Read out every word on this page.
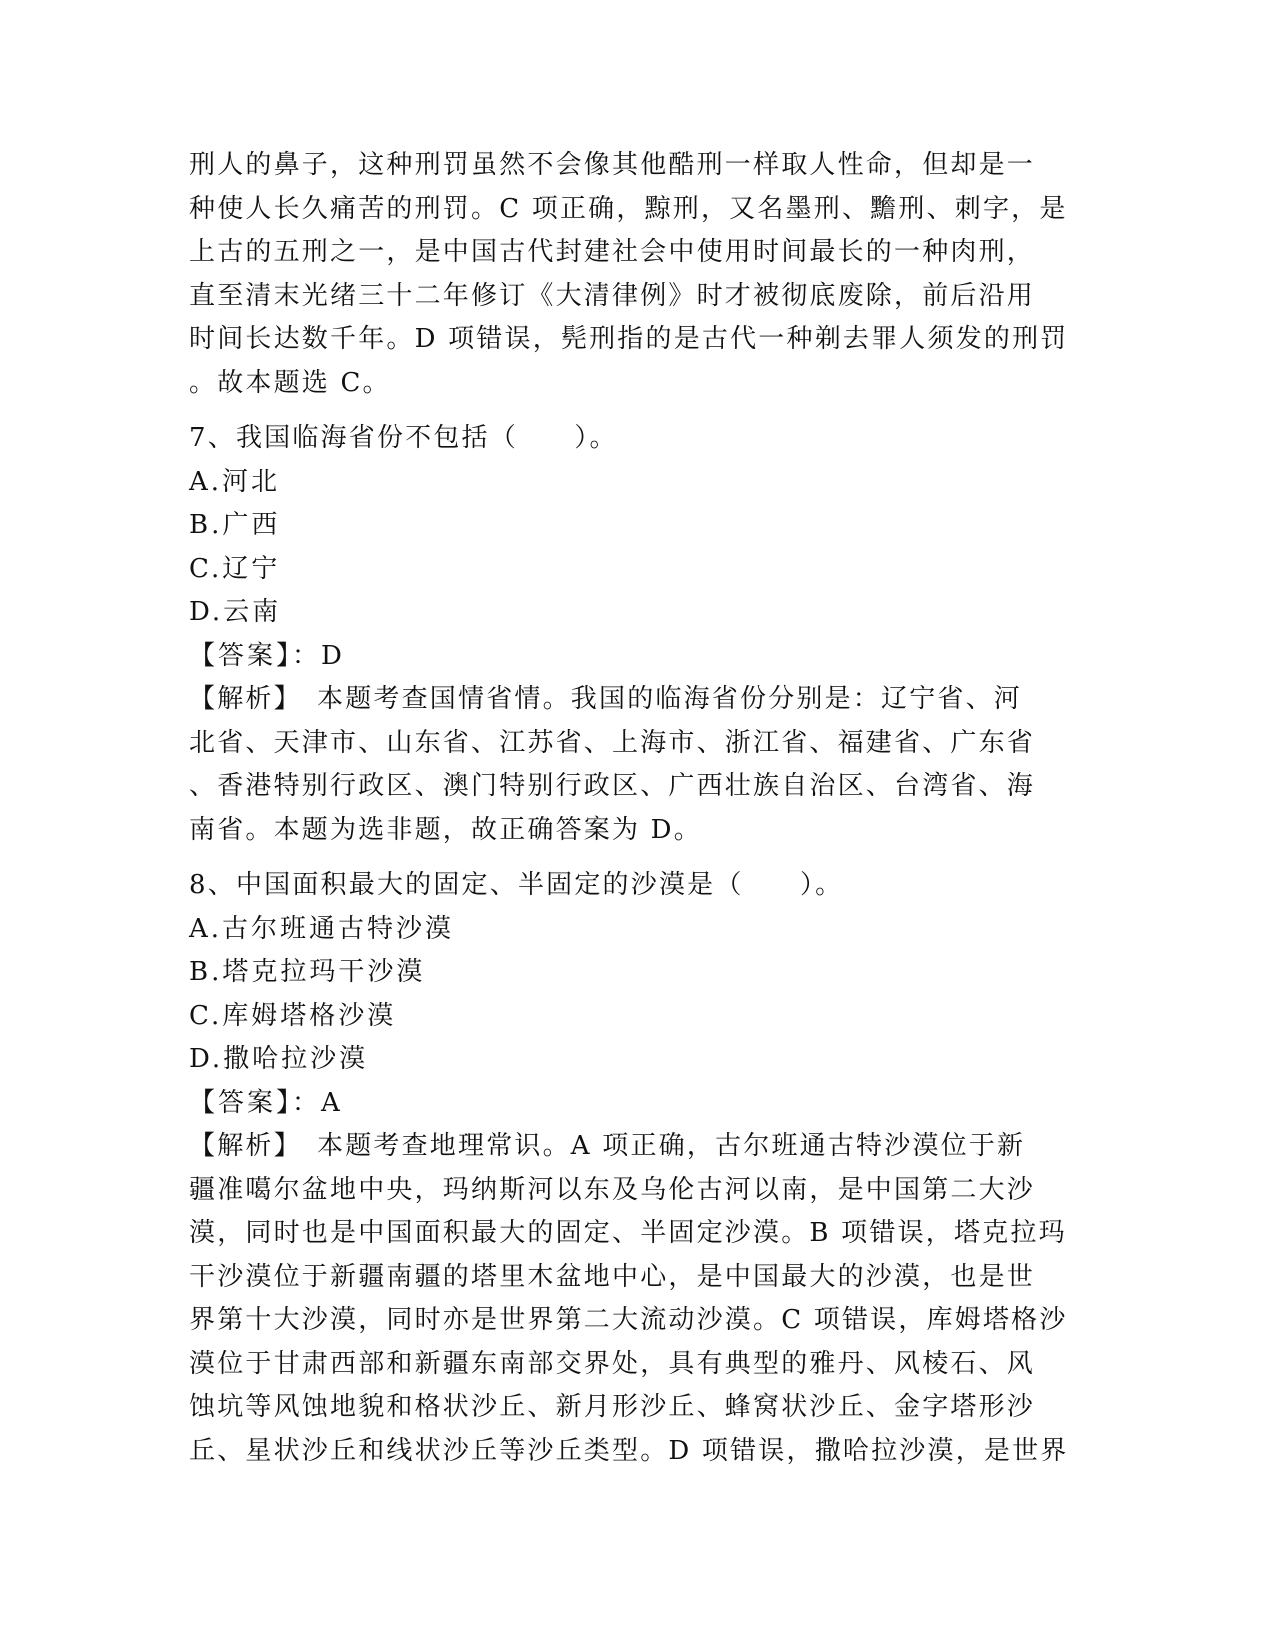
刑人的鼻子，这种刑罚虽然不会像其他酷刑一样取人性命，但却是一
种使人长久痛苦的刑罚。C 项正确，黥刑，又名墨刑、黵刑、刺字，是
上古的五刑之一，是中国古代封建社会中使用时间最长的一种肉刑，
直至清末光绪三十二年修订《大清律例》时才被彻底废除，前后沿用
时间长达数千年。D 项错误，髡刑指的是古代一种剃去罪人须发的刑罚
。故本题选 C。
7、我国临海省份不包括（　　）。
A.河北
B.广西
C.辽宁
D.云南
【答案】：D
【解析】　本题考查国情省情。我国的临海省份分别是：辽宁省、河
北省、天津市、山东省、江苏省、上海市、浙江省、福建省、广东省
、香港特别行政区、澳门特别行政区、广西壮族自治区、台湾省、海
南省。本题为选非题，故正确答案为 D。
8、中国面积最大的固定、半固定的沙漠是（　　）。
A.古尔班通古特沙漠
B.塔克拉玛干沙漠
C.库姆塔格沙漠
D.撒哈拉沙漠
【答案】：A
【解析】　本题考查地理常识。A 项正确，古尔班通古特沙漠位于新
疆准噶尔盆地中央，玛纳斯河以东及乌伦古河以南，是中国第二大沙
漠，同时也是中国面积最大的固定、半固定沙漠。B 项错误，塔克拉玛
干沙漠位于新疆南疆的塔里木盆地中心，是中国最大的沙漠，也是世
界第十大沙漠，同时亦是世界第二大流动沙漠。C 项错误，库姆塔格沙
漠位于甘肃西部和新疆东南部交界处，具有典型的雅丹、风棱石、风
蚀坑等风蚀地貌和格状沙丘、新月形沙丘、蜂窝状沙丘、金字塔形沙
丘、星状沙丘和线状沙丘等沙丘类型。D 项错误，撒哈拉沙漠，是世界
